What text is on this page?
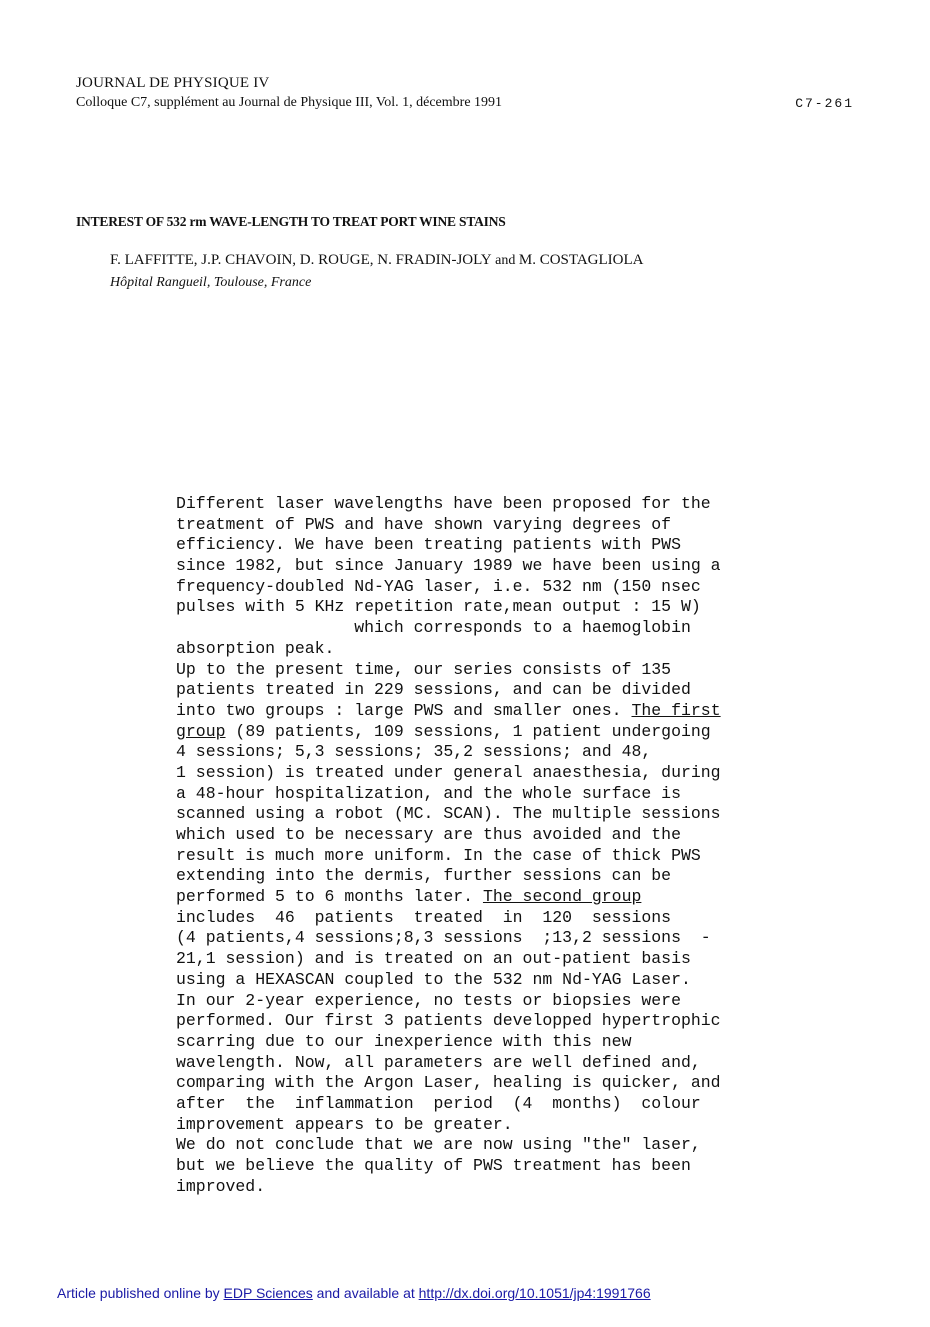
JOURNAL DE PHYSIQUE IV
Colloque C7, supplément au Journal de Physique III, Vol. 1, décembre 1991	C7-261
INTEREST OF 532 rm WAVE-LENGTH TO TREAT PORT WINE STAINS
F. LAFFITTE, J.P. CHAVOIN, D. ROUGE, N. FRADIN-JOLY and M. COSTAGLIOLA
Hôpital Rangueil, Toulouse, France
Different laser wavelengths have been proposed for the
treatment of PWS and have shown varying degrees of
efficiency. We have been treating patients with PWS
since 1982, but since January 1989 we have been using a
frequency-doubled Nd-YAG laser, i.e. 532 nm (150 nsec
pulses with 5 KHz repetition rate,mean output : 15 W)
which corresponds to a haemoglobin
absorption peak.
Up to the present time, our series consists of 135
patients treated in 229 sessions, and can be divided
into two groups : large PWS and smaller ones. The first
group (89 patients, 109 sessions, 1 patient undergoing
4 sessions; 5,3 sessions; 35,2 sessions; and 48,
1 session) is treated under general anaesthesia, during
a 48-hour hospitalization, and the whole surface is
scanned using a robot (MC. SCAN). The multiple sessions
which used to be necessary are thus avoided and the
result is much more uniform. In the case of thick PWS
extending into the dermis, further sessions can be
performed 5 to 6 months later. The second group
includes  46  patients  treated  in  120  sessions
(4 patients,4 sessions;8,3 sessions  ;13,2 sessions  -
21,1 session) and is treated on an out-patient basis
using a HEXASCAN coupled to the 532 nm Nd-YAG Laser.
In our 2-year experience, no tests or biopsies were
performed. Our first 3 patients developped hypertrophic
scarring due to our inexperience with this new
wavelength. Now, all parameters are well defined and,
comparing with the Argon Laser, healing is quicker, and
after  the  inflammation  period  (4  months)  colour
improvement appears to be greater.
We do not conclude that we are now using "the" laser,
but we believe the quality of PWS treatment has been
improved.
Article published online by EDP Sciences and available at http://dx.doi.org/10.1051/jp4:1991766
